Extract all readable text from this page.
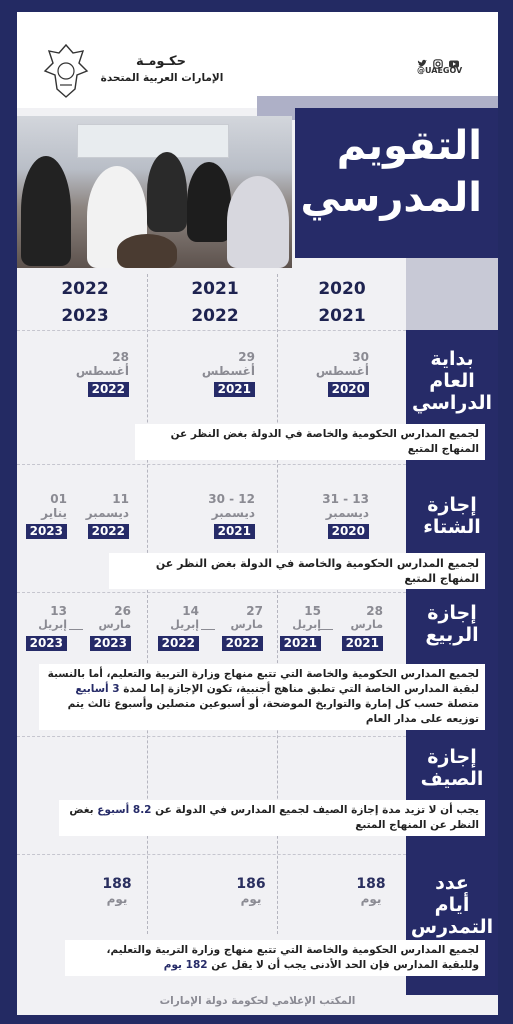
حكـومـة
الإمارات العربية المتحدة
@UAEGOV
التقويم
المدرسي
2020
2021
2021
2022
2022
2023
بداية
العام
الدراسي
30
أغسطس
2020
29
أغسطس
2021
28
أغسطس
2022
لجميع المدارس الحكومية والخاصة في الدولة بغض النظر عن المنهاج المتبع
إجازة
الشتاء
13 - 31
ديسمبر
2020
12 - 30
ديسمبر
2021
11
ديسمبر
2022
01
يناير
2023
لجميع المدارس الحكومية والخاصة في الدولة بغض النظر عن المنهاج المتبع
إجازة
الربيع
28
مارس
2021
15
إبريل
2021
27
مارس
2022
14
إبريل
2022
26
مارس
2023
13
إبريل
2023
لجميع المدارس الحكومية والخاصة التي تتبع منهاج وزارة التربية والتعليم، أما بالنسبة لبقية المدارس الخاصة التي تطبق مناهج أجنبية، تكون الإجازة إما لمدة 3 أسابيع متصلة حسب كل إمارة والتواريخ الموضحة، أو أسبوعين متصلين وأسبوع ثالث يتم توزيعه على مدار العام
إجازة
الصيف
يجب أن لا تزيد مدة إجازة الصيف لجميع المدارس في الدولة عن 8.2 أسبوع بغض النظر عن المنهاج المتبع
عدد
أيام
التمدرس
188
يوم
186
يوم
188
يوم
لجميع المدارس الحكومية والخاصة التي تتبع منهاج وزارة التربية والتعليم، وللبقية المدارس فإن الحد الأدنى يجب أن لا يقل عن 182 يوم
المكتب الإعلامي لحكومة دولة الإمارات
